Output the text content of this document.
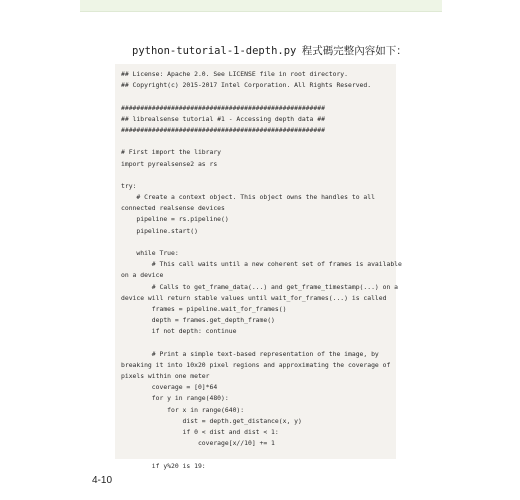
python-tutorial-1-depth.py 程式碼完整內容如下：
## License: Apache 2.0. See LICENSE file in root directory.
## Copyright(c) 2015-2017 Intel Corporation. All Rights Reserved.
#####################################################
## librealsense tutorial #1 - Accessing depth data ##
#####################################################
# First import the library
import pyrealsense2 as rs
try:
# Create a context object. This object owns the handles to all
connected realsense devices
pipeline = rs.pipeline()
pipeline.start()
while True:
# This call waits until a new coherent set of frames is available
on a device
# Calls to get_frame_data(...) and get_frame_timestamp(...) on a
device will return stable values until wait_for_frames(...) is called
frames = pipeline.wait_for_frames()
depth = frames.get_depth_frame()
if not depth: continue
# Print a simple text-based representation of the image, by
breaking it into 10x20 pixel regions and approximating the coverage of
pixels within one meter
coverage = [0]*64
for y in range(480):
for x in range(640):
dist = depth.get_distance(x, y)
if 0 < dist and dist < 1:
coverage[x//10] += 1
if y%20 is 19:
4-10
